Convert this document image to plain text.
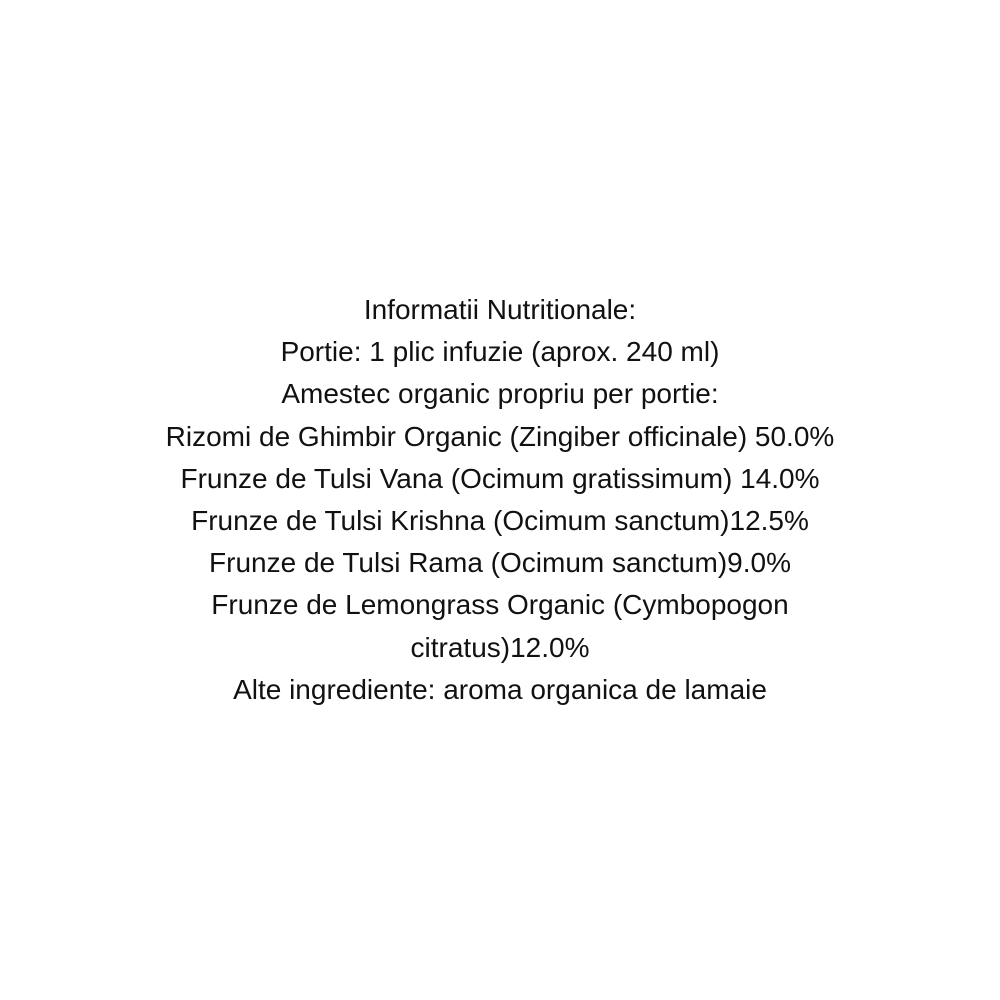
Informatii Nutritionale:
Portie: 1 plic infuzie (aprox. 240 ml)
Amestec organic propriu per portie:
Rizomi de Ghimbir Organic (Zingiber officinale) 50.0%
Frunze de Tulsi Vana (Ocimum gratissimum) 14.0%
Frunze de Tulsi Krishna (Ocimum sanctum)12.5%
Frunze de Tulsi Rama (Ocimum sanctum)9.0%
Frunze de Lemongrass Organic (Cymbopogon
citratus)12.0%
Alte ingrediente: aroma organica de lamaie
